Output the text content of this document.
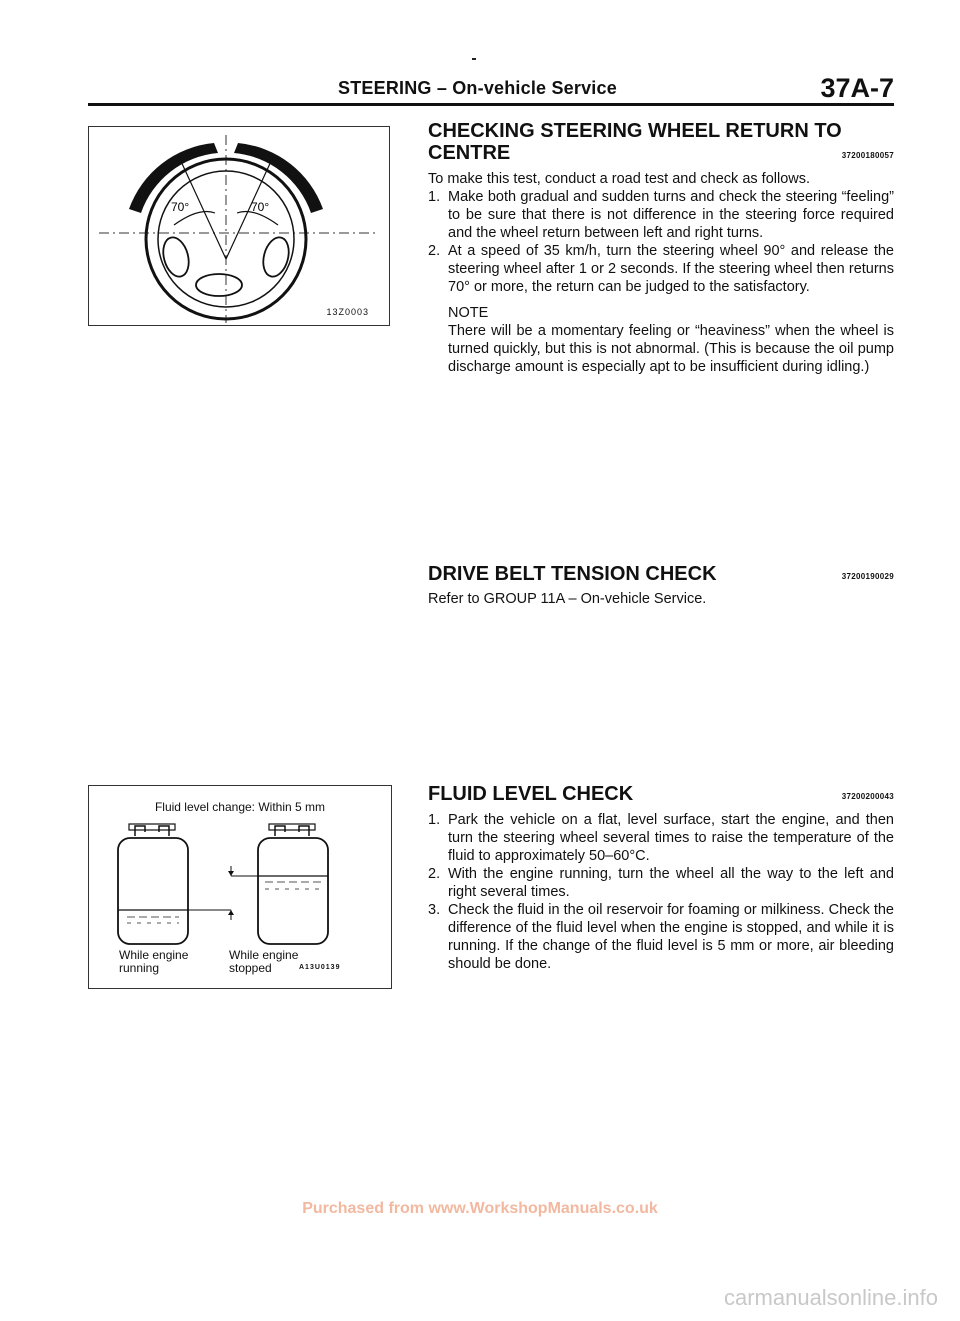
STEERING – On-vehicle Service	37A-7
70°	70°
13Z0003

CHECKING STEERING WHEEL RETURN TO

CENTRE	37200180057

To make this test, conduct a road test and check as follows.

1. Make both gradual and sudden turns and check the steering “feeling” to be sure that there is not difference in the steering force required and the wheel return between left and right turns.
2. At a speed of 35 km/h, turn the steering wheel 90° and release the steering wheel after 1 or 2 seconds. If the steering wheel then returns 70° or more, the return can be judged to the satisfactory.
NOTE
There will be a momentary feeling or “heaviness” when the wheel is turned quickly, but this is not abnormal. (This is because the oil pump discharge amount is especially apt to be insufficient during idling.)

DRIVE BELT TENSION CHECK	37200190029

Refer to GROUP 11A – On-vehicle Service.

Fluid level change: Within 5 mm
While engine running
While engine stopped	A13U0139

FLUID LEVEL CHECK	37200200043
1. Park the vehicle on a flat, level surface, start the engine, and then turn the steering wheel several times to raise the temperature of the fluid to approximately 50–60°C.
2. With the engine running, turn the wheel all the way to the left and right several times.
3. Check the fluid in the oil reservoir for foaming or milkiness. Check the difference of the fluid level when the engine is stopped, and while it is running. If the change of the fluid level is 5 mm or more, air bleeding should be done.
Purchased from www.WorkshopManuals.co.uk
carmanualsonline.info
